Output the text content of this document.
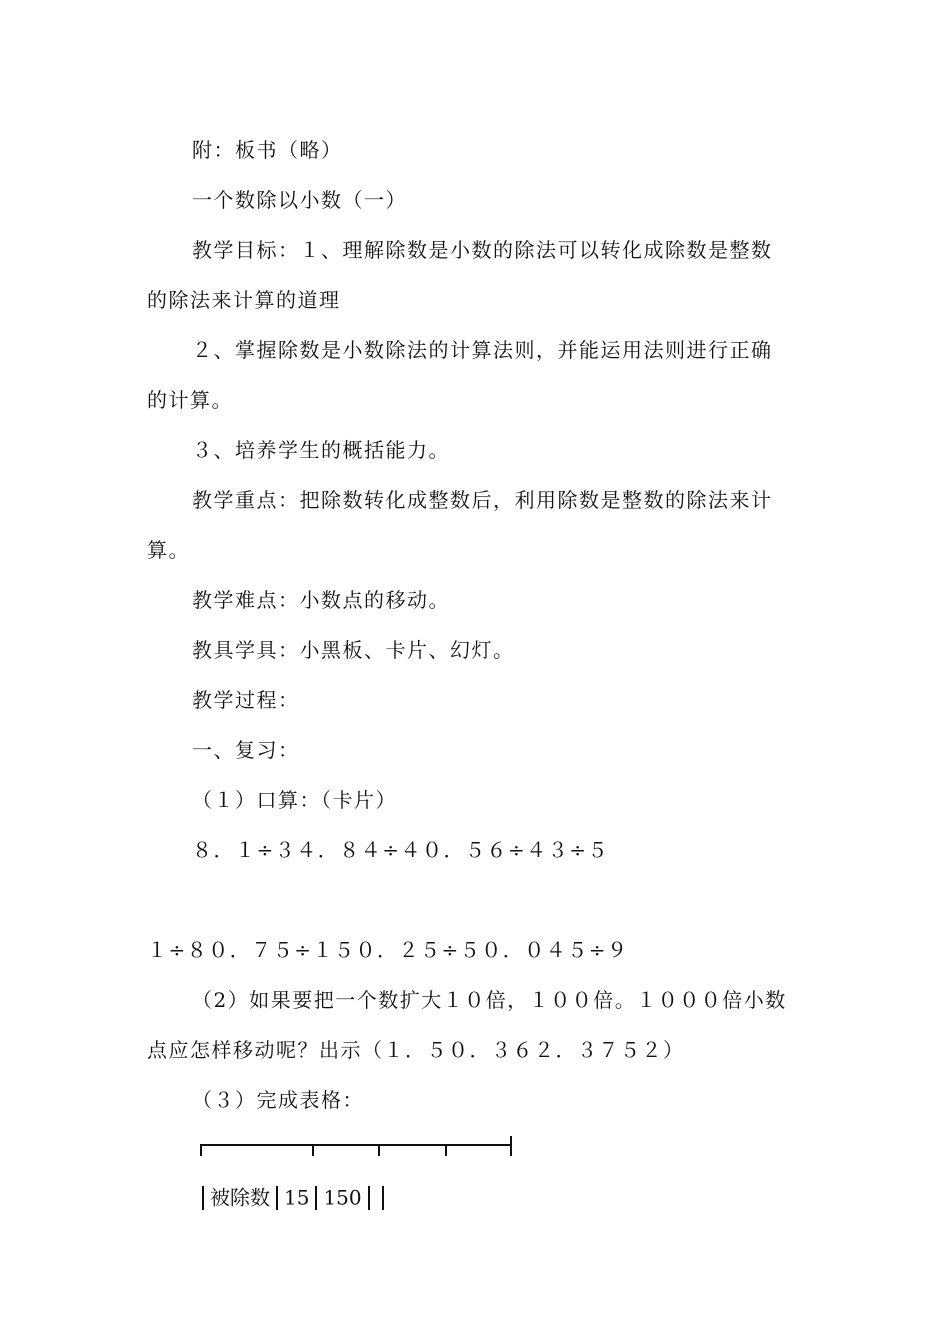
附：板书（略）
一个数除以小数（一）
教学目标：１、理解除数是小数的除法可以转化成除数是整数
的除法来计算的道理
２、掌握除数是小数除法的计算法则，并能运用法则进行正确
的计算。
３、培养学生的概括能力。
教学重点：把除数转化成整数后，利用除数是整数的除法来计
算。
教学难点：小数点的移动。
教具学具：小黑板、卡片、幻灯。
教学过程：
一、复习：
（１）口算：（卡片）
８．１÷３４．８４÷４０．５６÷４３÷５
１÷８０．７５÷１５０．２５÷５０．０４５÷９
（2）如果要把一个数扩大１０倍，１００倍。１０００倍小数
点应怎样移动呢？出示（１．５０．３６２．３７５２）
（３）完成表格：
被除数 15 150
